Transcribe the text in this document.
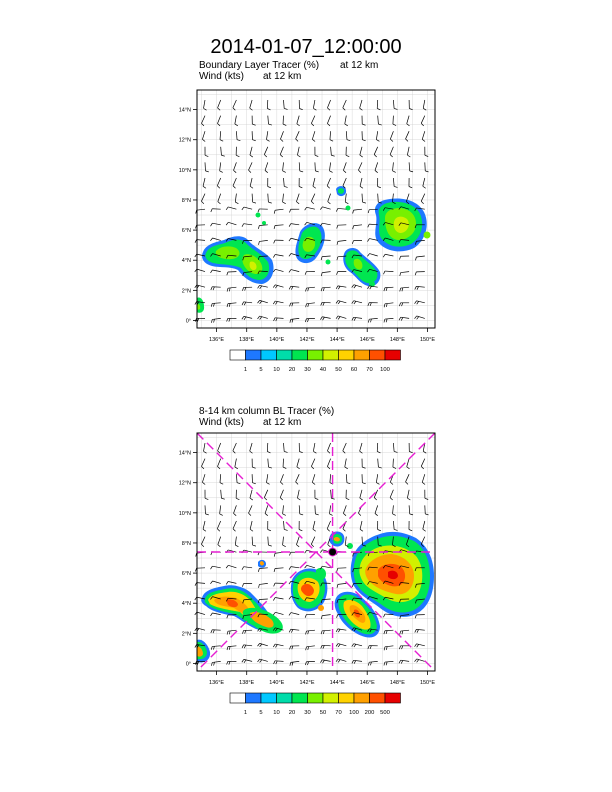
2014-01-07_12:00:00
Boundary Layer Tracer (%) at 12 km
Wind (kts) at 12 km
136°E	138°E	140°E	142°E	144°E	146°E	148°E	150°E
14°N
12°N
10°N
8°N
6°N
4°N
2°N
0°
1 5 10 20 30 40 50 60 70 100
8-14 km column BL Tracer (%)
Wind (kts) at 12 km
136°E	138°E	140°E	142°E	144°E	146°E	148°E	150°E
14°N
12°N
10°N
8°N
6°N
4°N
2°N
0°
1 5 10 20 30 50 70 100 200 500
